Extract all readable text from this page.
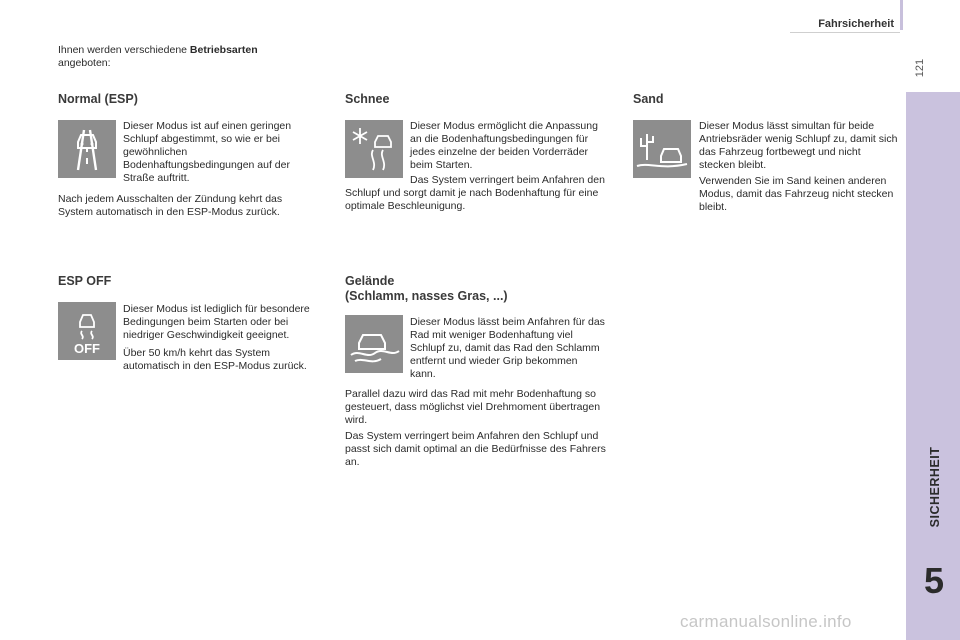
Fahrsicherheit
121

Ihnen werden verschiedene Betriebsarten
angeboten:

Normal (ESP)

Dieser Modus ist auf einen geringen Schlupf abgestimmt, so wie er bei gewöhnlichen Bodenhaftungsbedingungen auf der Straße auftritt.

Nach jedem Ausschalten der Zündung kehrt das System automatisch in den ESP-Modus zurück.

Schnee

Dieser Modus ermöglicht die Anpassung an die Bodenhaftungsbedingungen für jedes einzelne der beiden Vorderräder beim Starten.

Das System verringert beim Anfahren den Schlupf und sorgt damit je nach Bodenhaftung für eine optimale Beschleunigung.

Sand

Dieser Modus lässt simultan für beide Antriebsräder wenig Schlupf zu, damit sich das Fahrzeug fortbewegt und nicht stecken bleibt.

Verwenden Sie im Sand keinen anderen Modus, damit das Fahrzeug nicht stecken bleibt.

ESP OFF
OFF

Dieser Modus ist lediglich für besondere Bedingungen beim Starten oder bei niedriger Geschwindigkeit geeignet.

Über 50 km/h kehrt das System automatisch in den ESP-Modus zurück.

Gelände
(Schlamm, nasses Gras, ...)

Dieser Modus lässt beim Anfahren für das Rad mit weniger Bodenhaftung viel Schlupf zu, damit das Rad den Schlamm entfernt und wieder Grip bekommen kann.

Parallel dazu wird das Rad mit mehr Bodenhaftung so gesteuert, dass möglichst viel Drehmoment übertragen wird.

Das System verringert beim Anfahren den Schlupf und passt sich damit optimal an die Bedürfnisse des Fahrers an.	SICHERHEIT
5
carmanualsonline.info
